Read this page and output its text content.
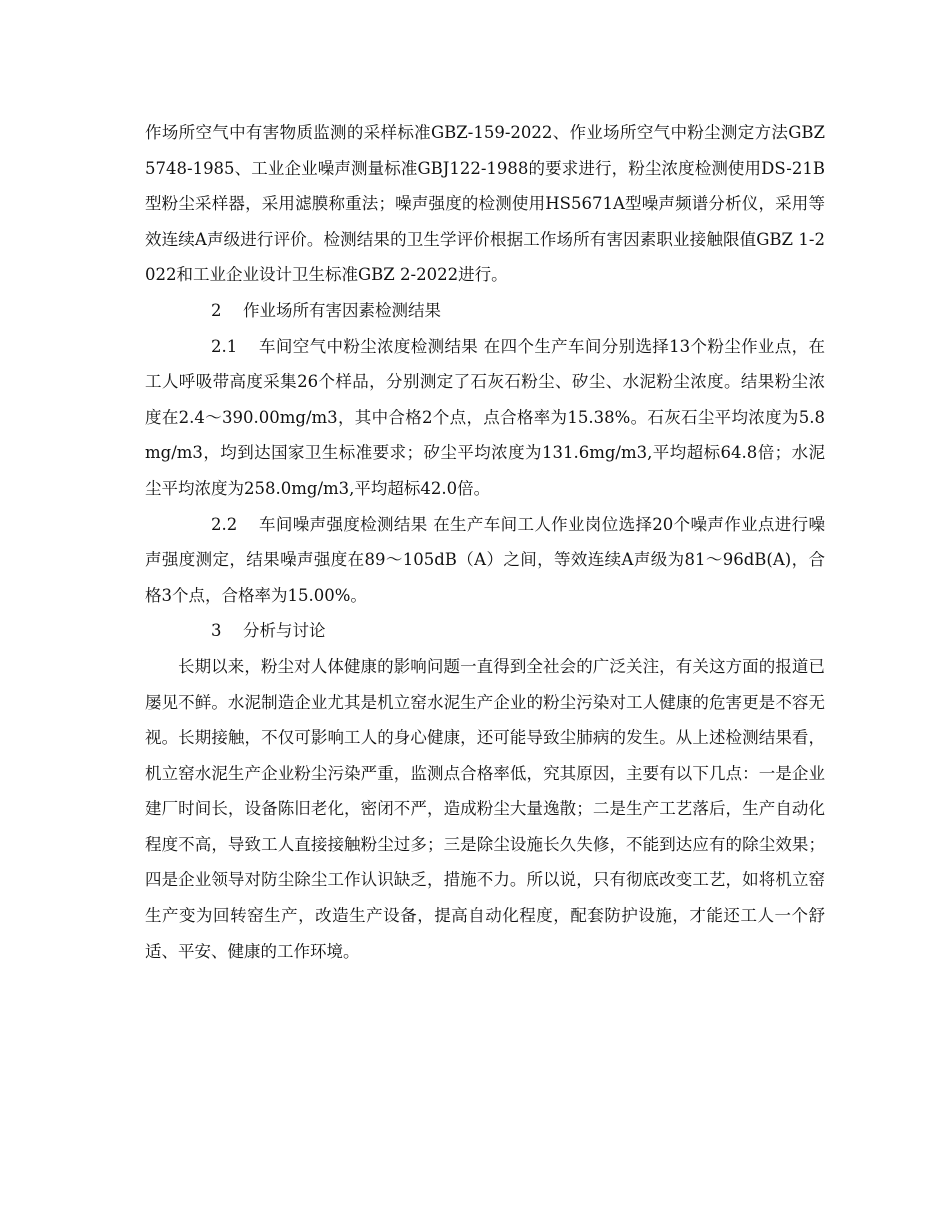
作场所空气中有害物质监测的采样标准GBZ-159-2022、作业场所空气中粉尘测定方法GBZ5748-1985、工业企业噪声测量标准GBJ122-1988的要求进行，粉尘浓度检测使用DS-21B型粉尘采样器，采用滤膜称重法；噪声强度的检测使用HS5671A型噪声频谱分析仪，采用等效连续A声级进行评价。检测结果的卫生学评价根据工作场所有害因素职业接触限值GBZ 1-2022和工业企业设计卫生标准GBZ 2-2022进行。

2 作业场所有害因素检测结果

2.1 车间空气中粉尘浓度检测结果 在四个生产车间分别选择13个粉尘作业点，在工人呼吸带高度采集26个样品，分别测定了石灰石粉尘、矽尘、水泥粉尘浓度。结果粉尘浓度在2.4～390.00mg/m3，其中合格2个点，点合格率为15.38%。石灰石尘平均浓度为5.8mg/m3，均到达国家卫生标准要求；矽尘平均浓度为131.6mg/m3,平均超标64.8倍；水泥尘平均浓度为258.0mg/m3,平均超标42.0倍。

2.2 车间噪声强度检测结果 在生产车间工人作业岗位选择20个噪声作业点进行噪声强度测定，结果噪声强度在89～105dB（A）之间，等效连续A声级为81～96dB(A)，合格3个点，合格率为15.00%。

3 分析与讨论

长期以来，粉尘对人体健康的影响问题一直得到全社会的广泛关注，有关这方面的报道已屡见不鲜。水泥制造企业尤其是机立窑水泥生产企业的粉尘污染对工人健康的危害更是不容无视。长期接触，不仅可影响工人的身心健康，还可能导致尘肺病的发生。从上述检测结果看，机立窑水泥生产企业粉尘污染严重，监测点合格率低，究其原因，主要有以下几点：一是企业建厂时间长，设备陈旧老化，密闭不严，造成粉尘大量逸散；二是生产工艺落后，生产自动化程度不高，导致工人直接接触粉尘过多；三是除尘设施长久失修，不能到达应有的除尘效果；四是企业领导对防尘除尘工作认识缺乏，措施不力。所以说，只有彻底改变工艺，如将机立窑生产变为回转窑生产，改造生产设备，提高自动化程度，配套防护设施，才能还工人一个舒适、平安、健康的工作环境。
